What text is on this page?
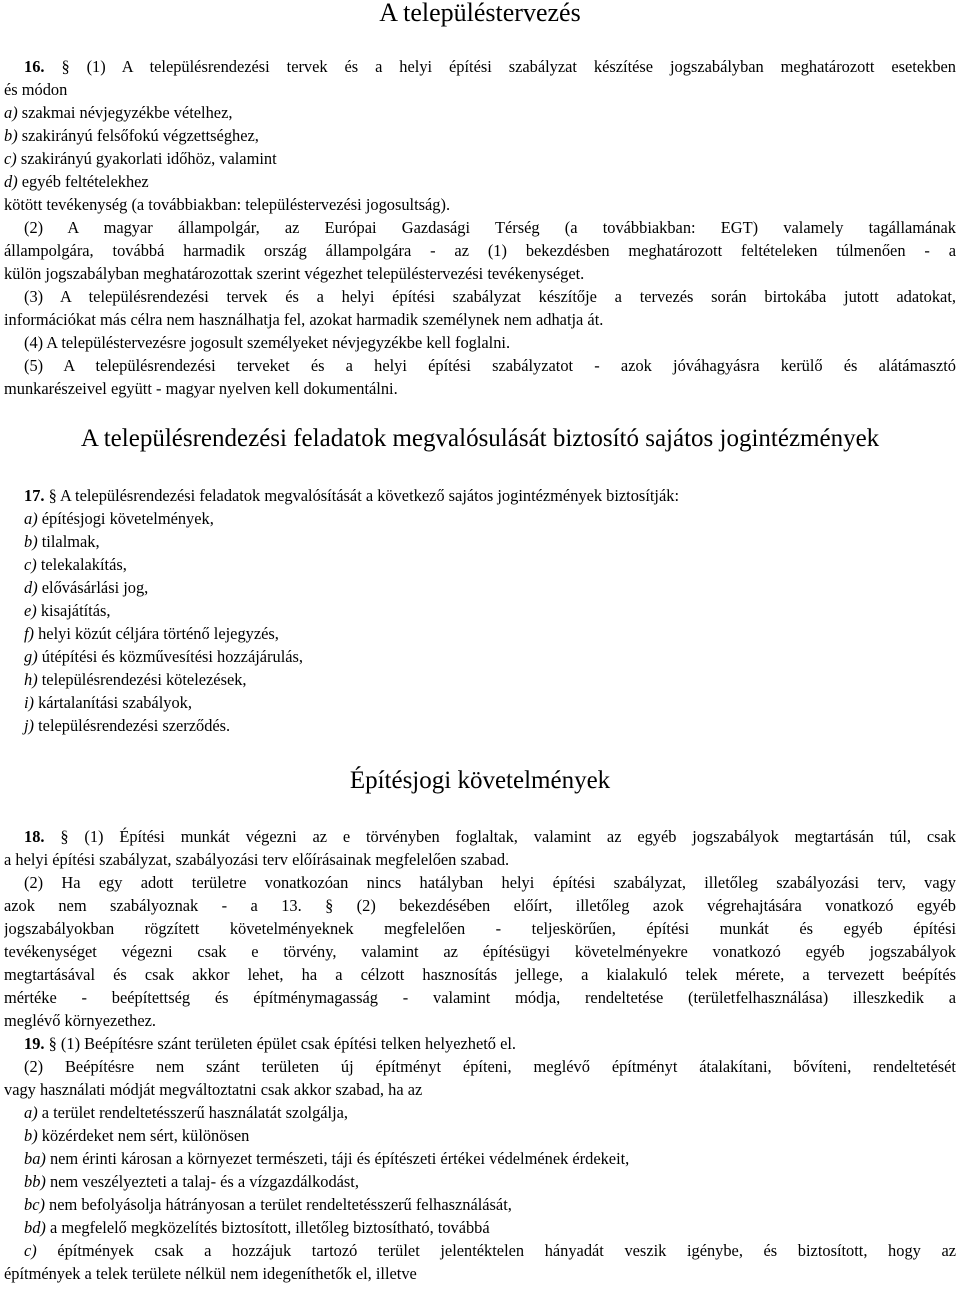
A településtervezés
16. § (1) A településrendezési tervek és a helyi építési szabályzat készítése jogszabályban meghatározott esetekben
és módon
a) szakmai névjegyzékbe vételhez,
b) szakirányú felsőfokú végzettséghez,
c) szakirányú gyakorlati időhöz, valamint
d) egyéb feltételekhez
kötött tevékenység (a továbbiakban: településtervezési jogosultság).
(2) A magyar állampolgár, az Európai Gazdasági Térség (a továbbiakban: EGT) valamely tagállamának
állampolgára, továbbá harmadik ország állampolgára - az (1) bekezdésben meghatározott feltételeken túlmenően - a
külön jogszabályban meghatározottak szerint végezhet településtervezési tevékenységet.
(3) A településrendezési tervek és a helyi építési szabályzat készítője a tervezés során birtokába jutott adatokat,
információkat más célra nem használhatja fel, azokat harmadik személynek nem adhatja át.
(4) A településtervezésre jogosult személyeket névjegyzékbe kell foglalni.
(5) A településrendezési terveket és a helyi építési szabályzatot - azok jóváhagyásra kerülő és alátámasztó
munkarészeivel együtt - magyar nyelven kell dokumentálni.
A településrendezési feladatok megvalósulását biztosító sajátos jogintézmények
17. § A településrendezési feladatok megvalósítását a következő sajátos jogintézmények biztosítják:
a) építésjogi követelmények,
b) tilalmak,
c) telekalakítás,
d) elővásárlási jog,
e) kisajátítás,
f) helyi közút céljára történő lejegyzés,
g) útépítési és közművesítési hozzájárulás,
h) településrendezési kötelezések,
i) kártalanítási szabályok,
j) településrendezési szerződés.
Építésjogi követelmények
18. § (1) Építési munkát végezni az e törvényben foglaltak, valamint az egyéb jogszabályok megtartásán túl, csak
a helyi építési szabályzat, szabályozási terv előírásainak megfelelően szabad.
(2) Ha egy adott területre vonatkozóan nincs hatályban helyi építési szabályzat, illetőleg szabályozási terv, vagy
azok nem szabályoznak - a 13. § (2) bekezdésében előírt, illetőleg azok végrehajtására vonatkozó egyéb
jogszabályokban rögzített követelményeknek megfelelően - teljeskörűen, építési munkát és egyéb építési
tevékenységet végezni csak e törvény, valamint az építésügyi követelményekre vonatkozó egyéb jogszabályok
megtartásával és csak akkor lehet, ha a célzott hasznosítás jellege, a kialakuló telek mérete, a tervezett beépítés
mértéke - beépítettség és építménymagasság - valamint módja, rendeltetése (területfelhasználása) illeszkedik a
meglévő környezethez.
19. § (1) Beépítésre szánt területen épület csak építési telken helyezhető el.
(2) Beépítésre nem szánt területen új építményt építeni, meglévő építményt átalakítani, bővíteni, rendeltetését
vagy használati módját megváltoztatni csak akkor szabad, ha az
a) a terület rendeltetésszerű használatát szolgálja,
b) közérdeket nem sért, különösen
ba) nem érinti károsan a környezet természeti, táji és építészeti értékei védelmének érdekeit,
bb) nem veszélyezteti a talaj- és a vízgazdálkodást,
bc) nem befolyásolja hátrányosan a terület rendeltetésszerű felhasználását,
bd) a megfelelő megközelítés biztosított, illetőleg biztosítható, továbbá
c) építmények csak a hozzájuk tartozó terület jelentéktelen hányadát veszik igénybe, és biztosított, hogy az
építmények a telek területe nélkül nem idegeníthetők el, illetve
